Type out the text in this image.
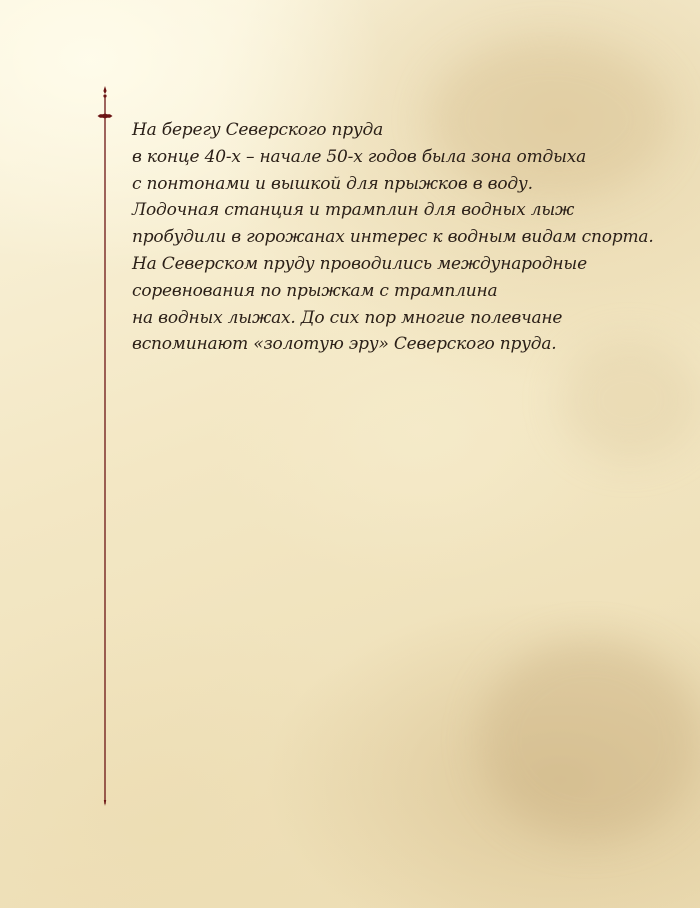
На берегу Северского пруда
в конце 40-х – начале 50-х годов была зона отдыха
с понтонами и вышкой для прыжков в воду.
Лодочная станция и трамплин для водных лыж
пробудили в горожанах интерес к водным видам спорта.
На Северском пруду проводились международные
соревнования по прыжкам с трамплина
на водных лыжах. До сих пор многие полевчане
вспоминают «золотую эру» Северского пруда.
